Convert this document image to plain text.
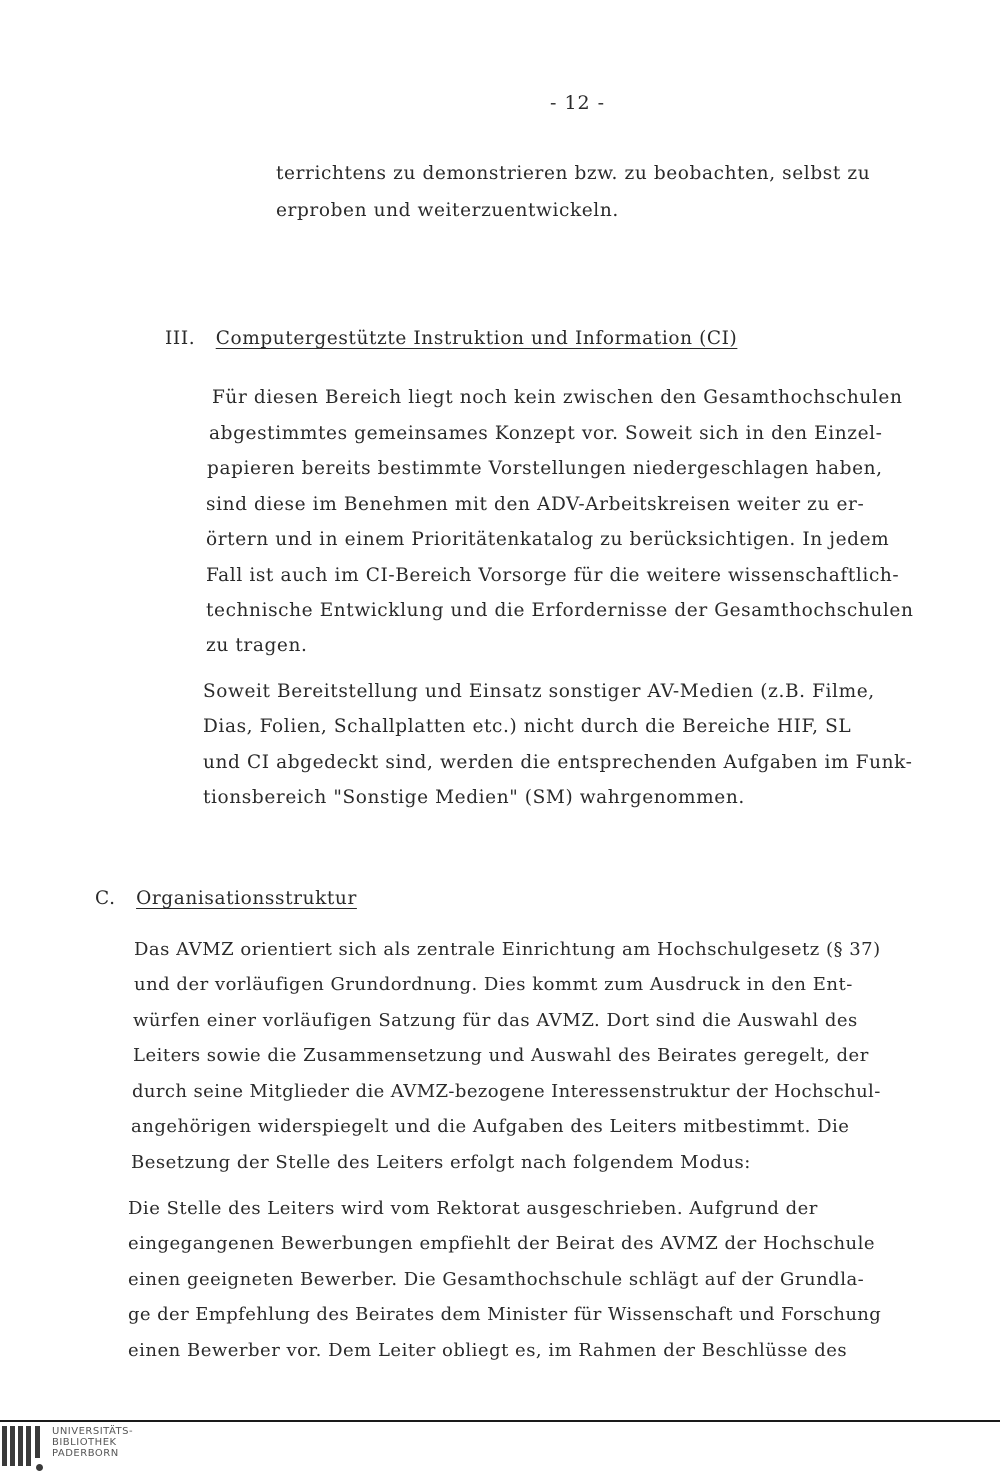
- 12 -
terrichtens zu demonstrieren bzw. zu beobachten, selbst zu
erproben und weiterzuentwickeln.
III. Computergestützte Instruktion und Information (CI)
Für diesen Bereich liegt noch kein zwischen den Gesamthochschulen
abgestimmtes gemeinsames Konzept vor. Soweit sich in den Einzel-
papieren bereits bestimmte Vorstellungen niedergeschlagen haben,
sind diese im Benehmen mit den ADV-Arbeitskreisen weiter zu er-
örtern und in einem Prioritätenkatalog zu berücksichtigen. In jedem
Fall ist auch im CI-Bereich Vorsorge für die weitere wissenschaftlich-
technische Entwicklung und die Erfordernisse der Gesamthochschulen
zu tragen.
Soweit Bereitstellung und Einsatz sonstiger AV-Medien (z.B. Filme,
Dias, Folien, Schallplatten etc.) nicht durch die Bereiche HIF, SL
und CI abgedeckt sind, werden die entsprechenden Aufgaben im Funk-
tionsbereich "Sonstige Medien" (SM) wahrgenommen.
C. Organisationsstruktur
Das AVMZ orientiert sich als zentrale Einrichtung am Hochschulgesetz (§ 37)
und der vorläufigen Grundordnung. Dies kommt zum Ausdruck in den Ent-
würfen einer vorläufigen Satzung für das AVMZ. Dort sind die Auswahl des
Leiters sowie die Zusammensetzung und Auswahl des Beirates geregelt, der
durch seine Mitglieder die AVMZ-bezogene Interessenstruktur der Hochschul-
angehörigen widerspiegelt und die Aufgaben des Leiters mitbestimmt. Die
Besetzung der Stelle des Leiters erfolgt nach folgendem Modus:
Die Stelle des Leiters wird vom Rektorat ausgeschrieben. Aufgrund der
eingegangenen Bewerbungen empfiehlt der Beirat des AVMZ der Hochschule
einen geeigneten Bewerber. Die Gesamthochschule schlägt auf der Grundla-
ge der Empfehlung des Beirates dem Minister für Wissenschaft und Forschung
einen Bewerber vor. Dem Leiter obliegt es, im Rahmen der Beschlüsse des
UNIVERSITÄTS-
BIBLIOTHEK
PADERBORN
